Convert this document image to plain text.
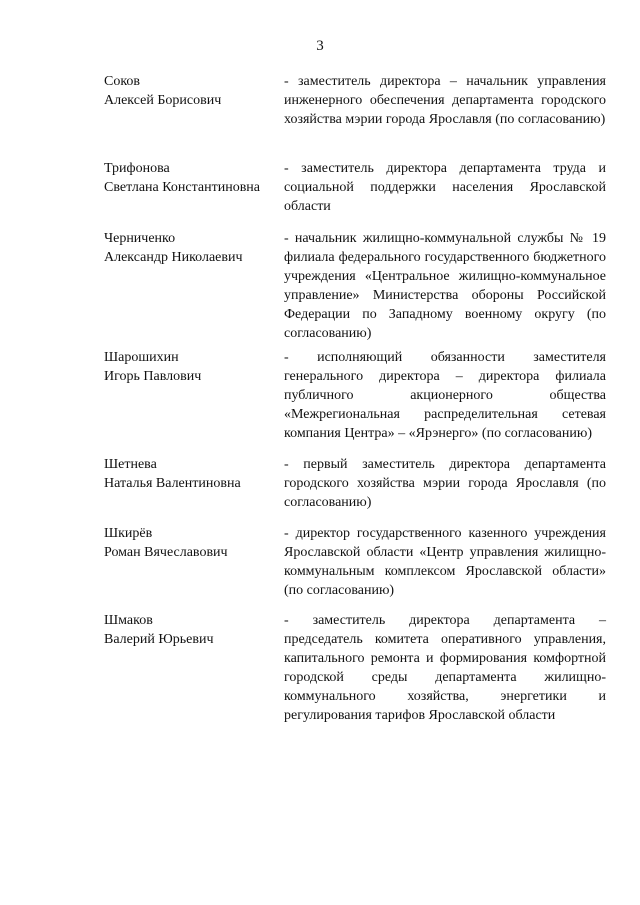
3
Соков
Алексей Борисович
- заместитель директора – начальник управления инженерного обеспечения департамента городского хозяйства мэрии города Ярославля (по согласованию)
Трифонова
Светлана Константиновна
- заместитель директора департамента труда и социальной поддержки населения Ярославской области
Черниченко
Александр Николаевич
- начальник жилищно-коммунальной службы № 19 филиала федерального государственного бюджетного учреждения «Центральное жилищно-коммунальное управление» Министерства обороны Российской Федерации по Западному военному округу (по согласованию)
Шарошихин
Игорь Павлович
- исполняющий обязанности заместителя генерального директора – директора филиала публичного акционерного общества «Межрегиональная распределительная сетевая компания Центра» – «Ярэнерго» (по согласованию)
Шетнева
Наталья Валентиновна
- первый заместитель директора департамента городского хозяйства мэрии города Ярославля (по согласованию)
Шкирёв
Роман Вячеславович
- директор государственного казенного учреждения Ярославской области «Центр управления жилищно-коммунальным комплексом Ярославской области» (по согласованию)
Шмаков
Валерий Юрьевич
- заместитель директора департамента – председатель комитета оперативного управления, капитального ремонта и формирования комфортной городской среды департамента жилищно-коммунального хозяйства, энергетики и регулирования тарифов Ярославской области
